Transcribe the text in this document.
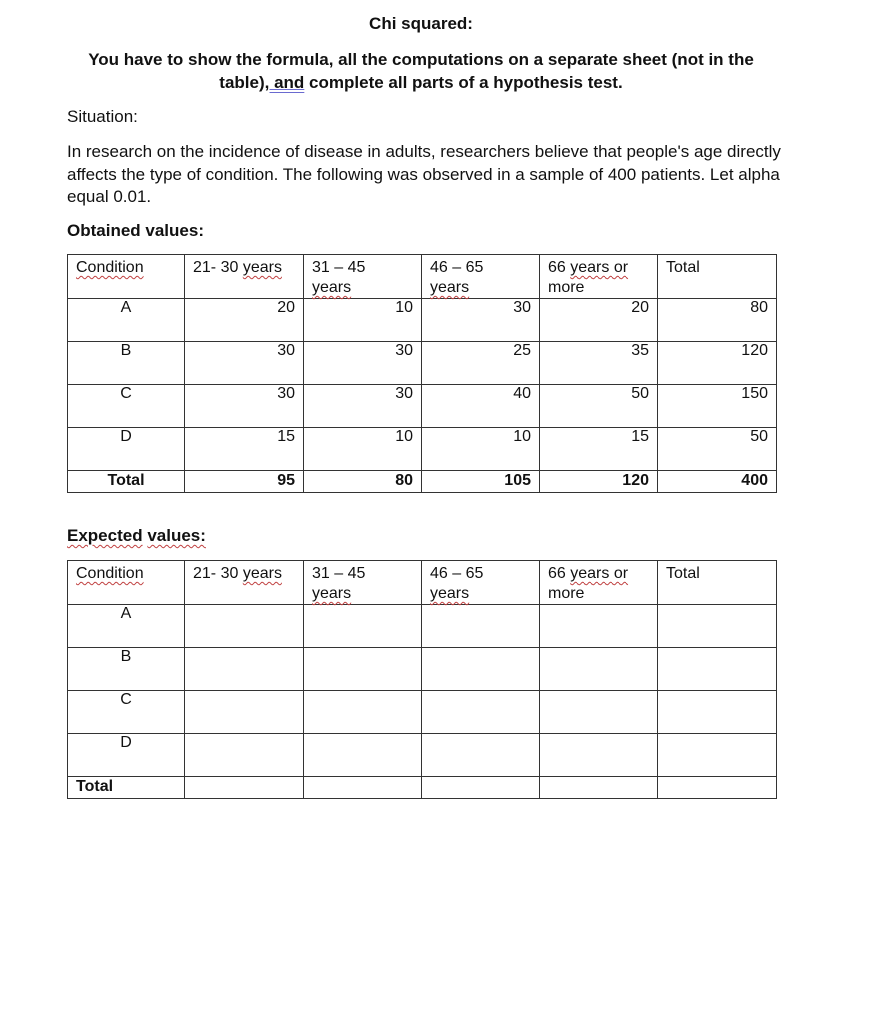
Chi squared:
You have to show the formula, all the computations on a separate sheet (not in the table), and complete all parts of a hypothesis test.
Situation:
In research on the incidence of disease in adults, researchers believe that people's age directly affects the type of condition. The following was observed in a sample of 400 patients. Let alpha equal 0.01.
Obtained values:
Condition	21- 30 years	31 – 45
years	46 – 65
years	66 years or
more	Total
A	20	10	30	20	80
B	30	30	25	35	120
C	30	30	40	50	150
D	15	10	10	15	50
Total	95	80	105	120	400
Expected values:
Condition	21- 30 years	31 – 45
years	46 – 65
years	66 years or
more	Total
A					
B					
C					
D					
Total					
